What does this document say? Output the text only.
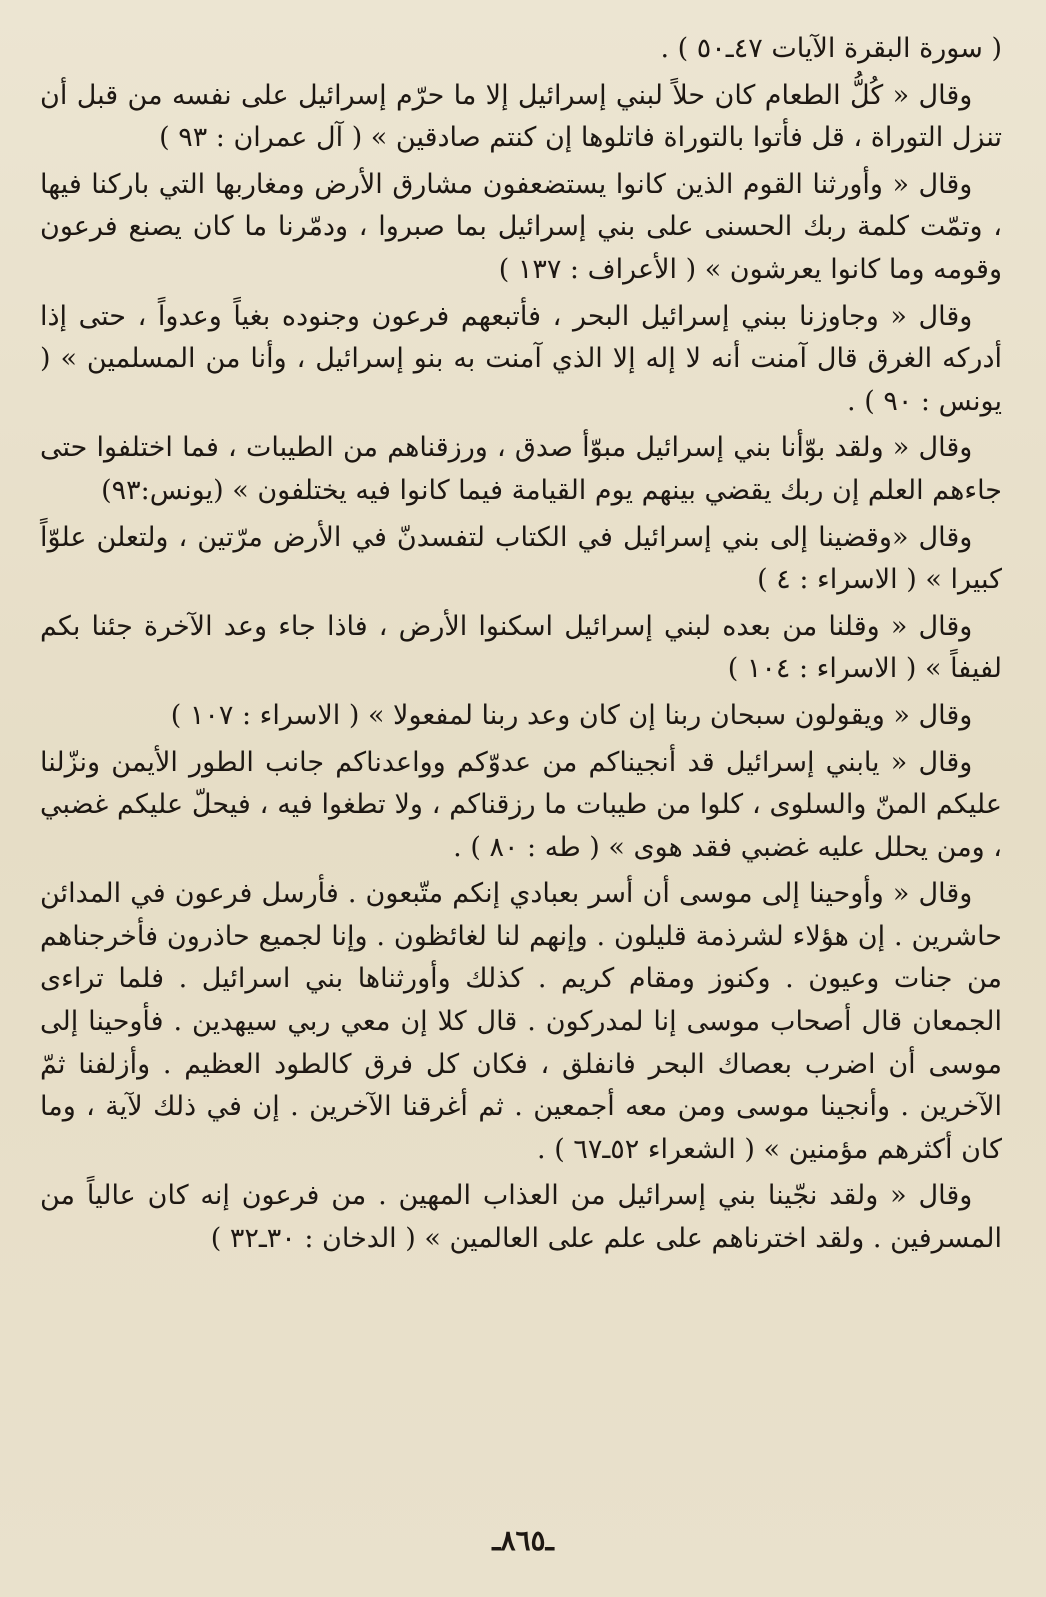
( سورة البقرة الآيات ٤٧ـ٥٠ ) .

وقال « كُلُّ الطعام كان حلاً لبني إسرائيل إلا ما حرّم إسرائيل على نفسه من قبل أن تنزل التوراة ، قل فأتوا بالتوراة فاتلوها إن كنتم صادقين » ( آل عمران : ٩٣ )

وقال « وأورثنا القوم الذين كانوا يستضعفون مشارق الأرض ومغاربها التي باركنا فيها ، وتمّت كلمة ربك الحسنى على بني إسرائيل بما صبروا ، ودمّرنا ما كان يصنع فرعون وقومه وما كانوا يعرشون » ( الأعراف : ١٣٧ )

وقال « وجاوزنا ببني إسرائيل البحر ، فأتبعهم فرعون وجنوده بغياً وعدواً ، حتى إذا أدركه الغرق قال آمنت أنه لا إله إلا الذي آمنت به بنو إسرائيل ، وأنا من المسلمين » ( يونس : ٩٠ ) .

وقال « ولقد بوّأنا بني إسرائيل مبوّأ صدق ، ورزقناهم من الطيبات ، فما اختلفوا حتى جاءهم العلم إن ربك يقضي بينهم يوم القيامة فيما كانوا فيه يختلفون » (يونس:٩٣)

وقال «وقضينا إلى بني إسرائيل في الكتاب لتفسدنّ في الأرض مرّتين ، ولتعلن علوّاً كبيرا » ( الاسراء : ٤ )

وقال « وقلنا من بعده لبني إسرائيل اسكنوا الأرض ، فاذا جاء وعد الآخرة جئنا بكم لفيفاً » ( الاسراء : ١٠٤ )

وقال « ويقولون سبحان ربنا إن كان وعد ربنا لمفعولا » ( الاسراء : ١٠٧ )

وقال « يابني إسرائيل قد أنجيناكم من عدوّكم وواعدناكم جانب الطور الأيمن ونزّلنا عليكم المنّ والسلوى ، كلوا من طيبات ما رزقناكم ، ولا تطغوا فيه ، فيحلّ عليكم غضبي ، ومن يحلل عليه غضبي فقد هوى » ( طه : ٨٠ ) .

وقال « وأوحينا إلى موسى أن أسر بعبادي إنكم متّبعون . فأرسل فرعون في المدائن حاشرين . إن هؤلاء لشرذمة قليلون . وإنهم لنا لغائظون . وإنا لجميع حاذرون فأخرجناهم من جنات وعيون . وكنوز ومقام كريم . كذلك وأورثناها بني اسرائيل . فلما تراءى الجمعان قال أصحاب موسى إنا لمدركون . قال كلا إن معي ربي سيهدين . فأوحينا إلى موسى أن اضرب بعصاك البحر فانفلق ، فكان كل فرق كالطود العظيم . وأزلفنا ثمّ الآخرين . وأنجينا موسى ومن معه أجمعين . ثم أغرقنا الآخرين . إن في ذلك لآية ، وما كان أكثرهم مؤمنين » ( الشعراء ٥٢ـ٦٧ ) .

وقال « ولقد نجّينا بني إسرائيل من العذاب المهين . من فرعون إنه كان عالياً من المسرفين . ولقد اخترناهم على علم على العالمين » ( الدخان : ٣٠ـ٣٢ )

ـ٨٦٥ـ
